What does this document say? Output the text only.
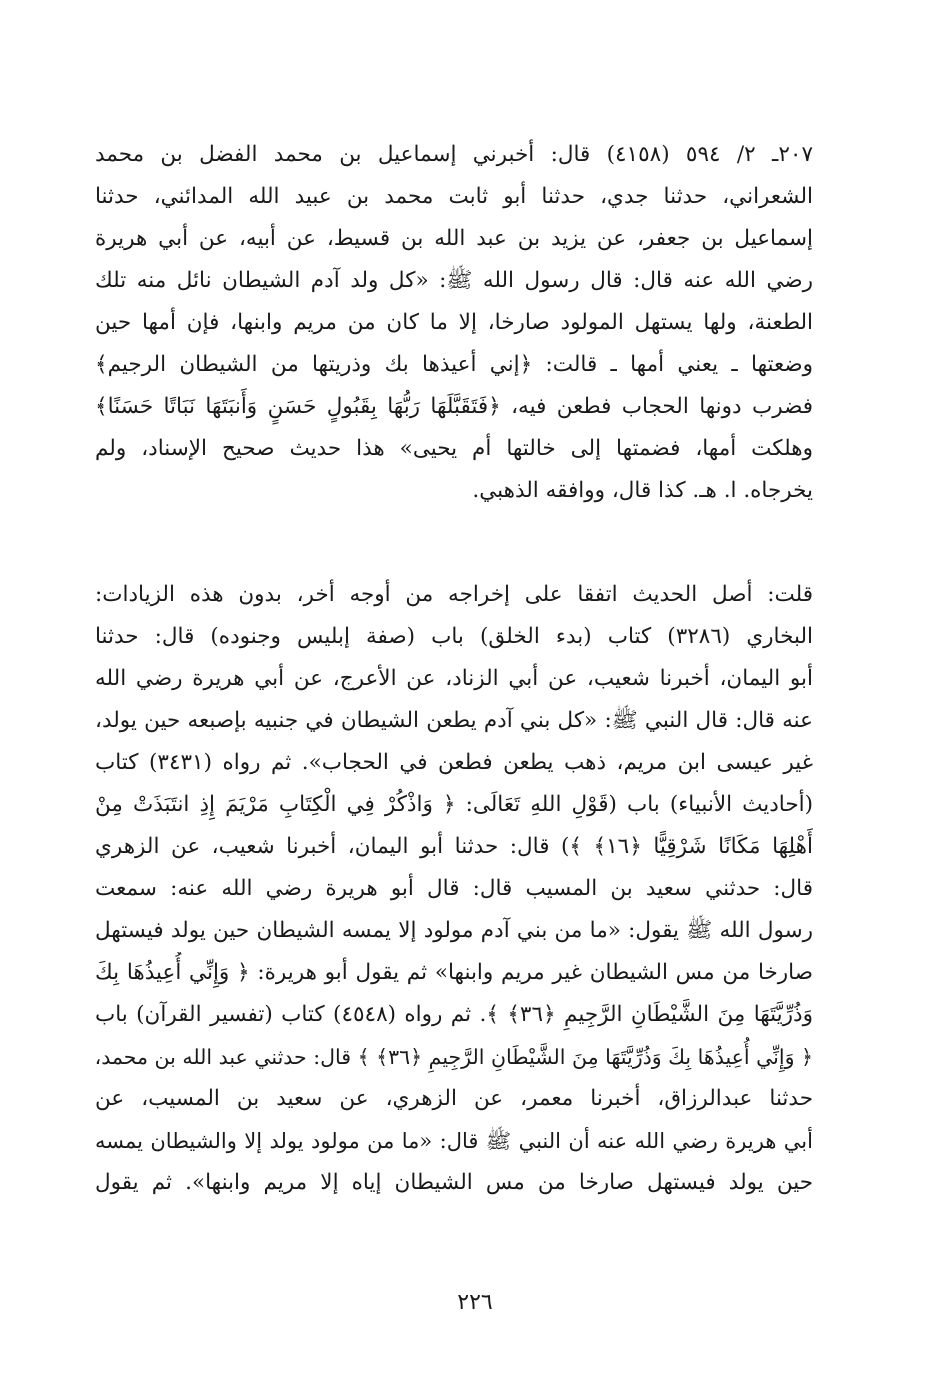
٢٠٧ـ ٢/ ٥٩٤ (٤١٥٨) قال: أخبرني إسماعيل بن محمد الفضل بن محمد
الشعراني، حدثنا جدي، حدثنا أبو ثابت محمد بن عبيد الله المدائني، حدثنا
إسماعيل بن جعفر، عن يزيد بن عبد الله بن قسيط، عن أبيه، عن أبي هريرة
رضي الله عنه قال: قال رسول الله ﷺ: «كل ولد آدم الشيطان نائل منه تلك
الطعنة، ولها يستهل المولود صارخا، إلا ما كان من مريم وابنها، فإن أمها حين
وضعتها ـ يعني أمها ـ قالت: ﴿إني أعيذها بك وذريتها من الشيطان الرجيم﴾
فضرب دونها الحجاب فطعن فيه، ﴿فَتَقَبَّلَهَا رَبُّهَا بِقَبُولٍ حَسَنٍ وَأَنبَتَهَا نَبَاتًا حَسَنًا﴾
وهلكت أمها، فضمتها إلى خالتها أم يحيى» هذا حديث صحيح الإسناد، ولم
يخرجاه. ا. هـ. كذا قال، ووافقه الذهبي.
قلت: أصل الحديث اتفقا على إخراجه من أوجه أخر، بدون هذه الزيادات:
البخاري (٣٢٨٦) كتاب (بدء الخلق) باب (صفة إبليس وجنوده) قال: حدثنا
أبو اليمان، أخبرنا شعيب، عن أبي الزناد، عن الأعرج، عن أبي هريرة رضي الله
عنه قال: قال النبي ﷺ: «كل بني آدم يطعن الشيطان في جنبيه بإصبعه حين يولد،
غير عيسى ابن مريم، ذهب يطعن فطعن في الحجاب». ثم رواه (٣٤٣١) كتاب
(أحاديث الأنبياء) باب (قَوْلِ اللهِ تَعَالَى: ﴿ وَاذْكُرْ فِي الْكِتَابِ مَرْيَمَ إِذِ انتَبَذَتْ مِنْ
أَهْلِهَا مَكَانًا شَرْقِيًّا ﴿١٦﴾ ﴾) قال: حدثنا أبو اليمان، أخبرنا شعيب، عن الزهري
قال: حدثني سعيد بن المسيب قال: قال أبو هريرة رضي الله عنه: سمعت
رسول الله ﷺ يقول: «ما من بني آدم مولود إلا يمسه الشيطان حين يولد فيستهل
صارخا من مس الشيطان غير مريم وابنها» ثم يقول أبو هريرة: ﴿ وَإِنِّي أُعِيذُهَا بِكَ
وَذُرِّيَّتَهَا مِنَ الشَّيْطَانِ الرَّجِيمِ ﴿٣٦﴾ ﴾. ثم رواه (٤٥٤٨) كتاب (تفسير القرآن) باب
﴿ وَإِنِّي أُعِيذُهَا بِكَ وَذُرِّيَّتَهَا مِنَ الشَّيْطَانِ الرَّجِيمِ ﴿٣٦﴾ ﴾ قال: حدثني عبد الله بن محمد،
حدثنا عبدالرزاق، أخبرنا معمر، عن الزهري، عن سعيد بن المسيب، عن
أبي هريرة رضي الله عنه أن النبي ﷺ قال: «ما من مولود يولد إلا والشيطان يمسه
حين يولد فيستهل صارخا من مس الشيطان إياه إلا مريم وابنها». ثم يقول
٢٢٦
